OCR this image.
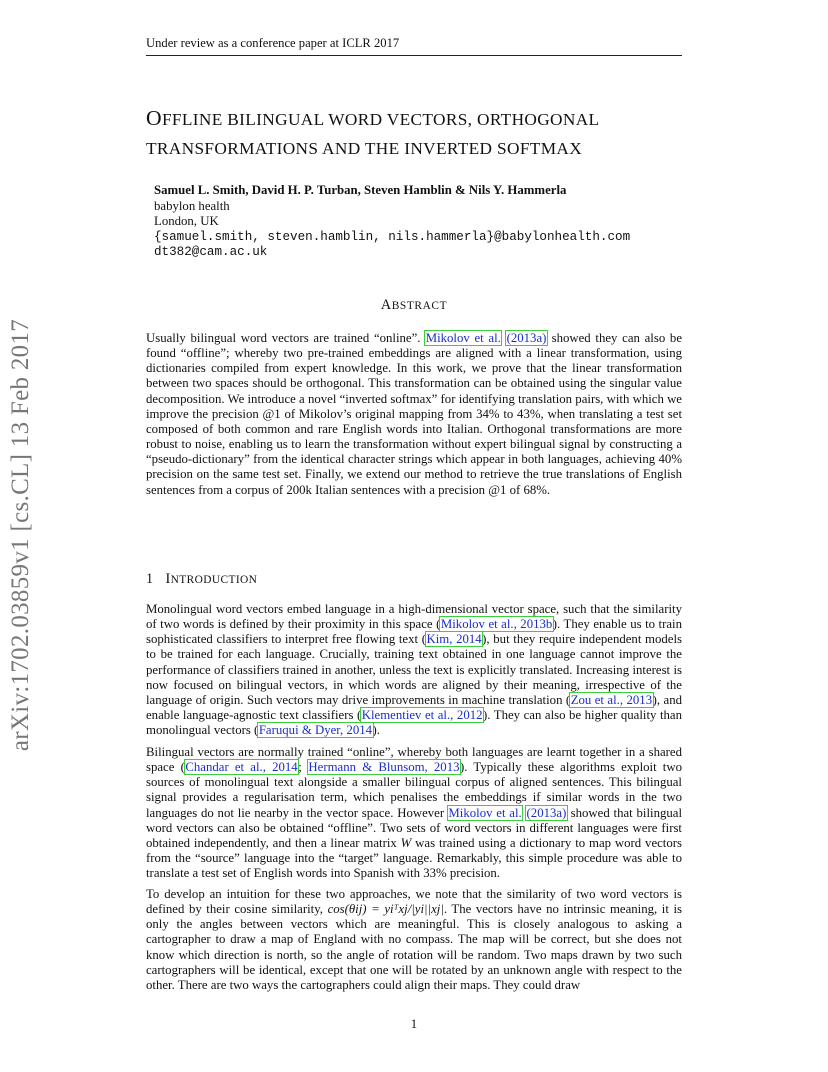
Under review as a conference paper at ICLR 2017
OFFLINE BILINGUAL WORD VECTORS, ORTHOGONAL
TRANSFORMATIONS AND THE INVERTED SOFTMAX
Samuel L. Smith, David H. P. Turban, Steven Hamblin & Nils Y. Hammerla
babylon health
London, UK
{samuel.smith, steven.hamblin, nils.hammerla}@babylonhealth.com
dt382@cam.ac.uk
arXiv:1702.03859v1 [cs.CL] 13 Feb 2017
ABSTRACT

Usually bilingual word vectors are trained “online”. Mikolov et al. (2013a) showed they can also be found “offline”; whereby two pre-trained embeddings are aligned with a linear transformation, using dictionaries compiled from expert knowledge. In this work, we prove that the linear transformation between two spaces should be orthogonal. This transformation can be obtained using the singular value decomposition. We introduce a novel “inverted softmax” for identifying translation pairs, with which we improve the precision @1 of Mikolov’s original mapping from 34% to 43%, when translating a test set composed of both common and rare English words into Italian. Orthogonal transformations are more robust to noise, enabling us to learn the transformation without expert bilingual signal by constructing a “pseudo-dictionary” from the identical character strings which appear in both languages, achieving 40% precision on the same test set. Finally, we extend our method to retrieve the true translations of English sentences from a corpus of 200k Italian sentences with a precision @1 of 68%.

1 INTRODUCTION

Monolingual word vectors embed language in a high-dimensional vector space, such that the similarity of two words is defined by their proximity in this space (Mikolov et al., 2013b). They enable us to train sophisticated classifiers to interpret free flowing text (Kim, 2014), but they require independent models to be trained for each language. Crucially, training text obtained in one language cannot improve the performance of classifiers trained in another, unless the text is explicitly translated. Increasing interest is now focused on bilingual vectors, in which words are aligned by their meaning, irrespective of the language of origin. Such vectors may drive improvements in machine translation (Zou et al., 2013), and enable language-agnostic text classifiers (Klementiev et al., 2012). They can also be higher quality than monolingual vectors (Faruqui & Dyer, 2014).

Bilingual vectors are normally trained “online”, whereby both languages are learnt together in a shared space (Chandar et al., 2014; Hermann & Blunsom, 2013). Typically these algorithms exploit two sources of monolingual text alongside a smaller bilingual corpus of aligned sentences. This bilingual signal provides a regularisation term, which penalises the embeddings if similar words in the two languages do not lie nearby in the vector space. However Mikolov et al. (2013a) showed that bilingual word vectors can also be obtained “offline”. Two sets of word vectors in different languages were first obtained independently, and then a linear matrix W was trained using a dictionary to map word vectors from the “source” language into the “target” language. Remarkably, this simple procedure was able to translate a test set of English words into Spanish with 33% precision.

To develop an intuition for these two approaches, we note that the similarity of two word vectors is defined by their cosine similarity, cos(θij) = yiᵀxj/|yi||xj|. The vectors have no intrinsic meaning, it is only the angles between vectors which are meaningful. This is closely analogous to asking a cartographer to draw a map of England with no compass. The map will be correct, but she does not know which direction is north, so the angle of rotation will be random. Two maps drawn by two such cartographers will be identical, except that one will be rotated by an unknown angle with respect to the other. There are two ways the cartographers could align their maps. They could draw

1
